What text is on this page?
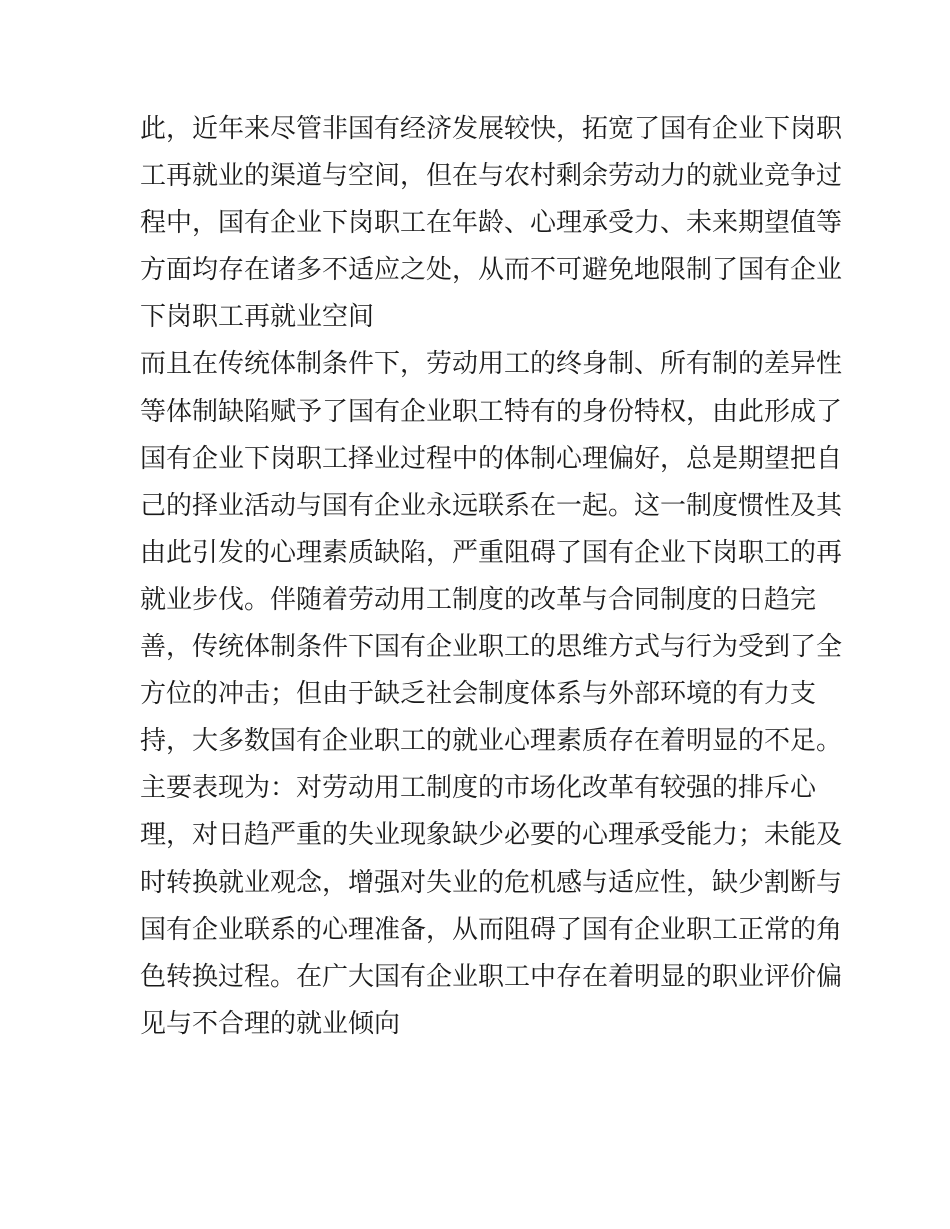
此，近年来尽管非国有经济发展较快，拓宽了国有企业下岗职
工再就业的渠道与空间，但在与农村剩余劳动力的就业竞争过
程中，国有企业下岗职工在年龄、心理承受力、未来期望值等
方面均存在诸多不适应之处，从而不可避免地限制了国有企业
下岗职工再就业空间
而且在传统体制条件下，劳动用工的终身制、所有制的差异性
等体制缺陷赋予了国有企业职工特有的身份特权，由此形成了
国有企业下岗职工择业过程中的体制心理偏好，总是期望把自
己的择业活动与国有企业永远联系在一起。这一制度惯性及其
由此引发的心理素质缺陷，严重阻碍了国有企业下岗职工的再
就业步伐。伴随着劳动用工制度的改革与合同制度的日趋完
善，传统体制条件下国有企业职工的思维方式与行为受到了全
方位的冲击；但由于缺乏社会制度体系与外部环境的有力支
持，大多数国有企业职工的就业心理素质存在着明显的不足。
主要表现为：对劳动用工制度的市场化改革有较强的排斥心
理，对日趋严重的失业现象缺少必要的心理承受能力；未能及
时转换就业观念，增强对失业的危机感与适应性，缺少割断与
国有企业联系的心理准备，从而阻碍了国有企业职工正常的角
色转换过程。在广大国有企业职工中存在着明显的职业评价偏
见与不合理的就业倾向
